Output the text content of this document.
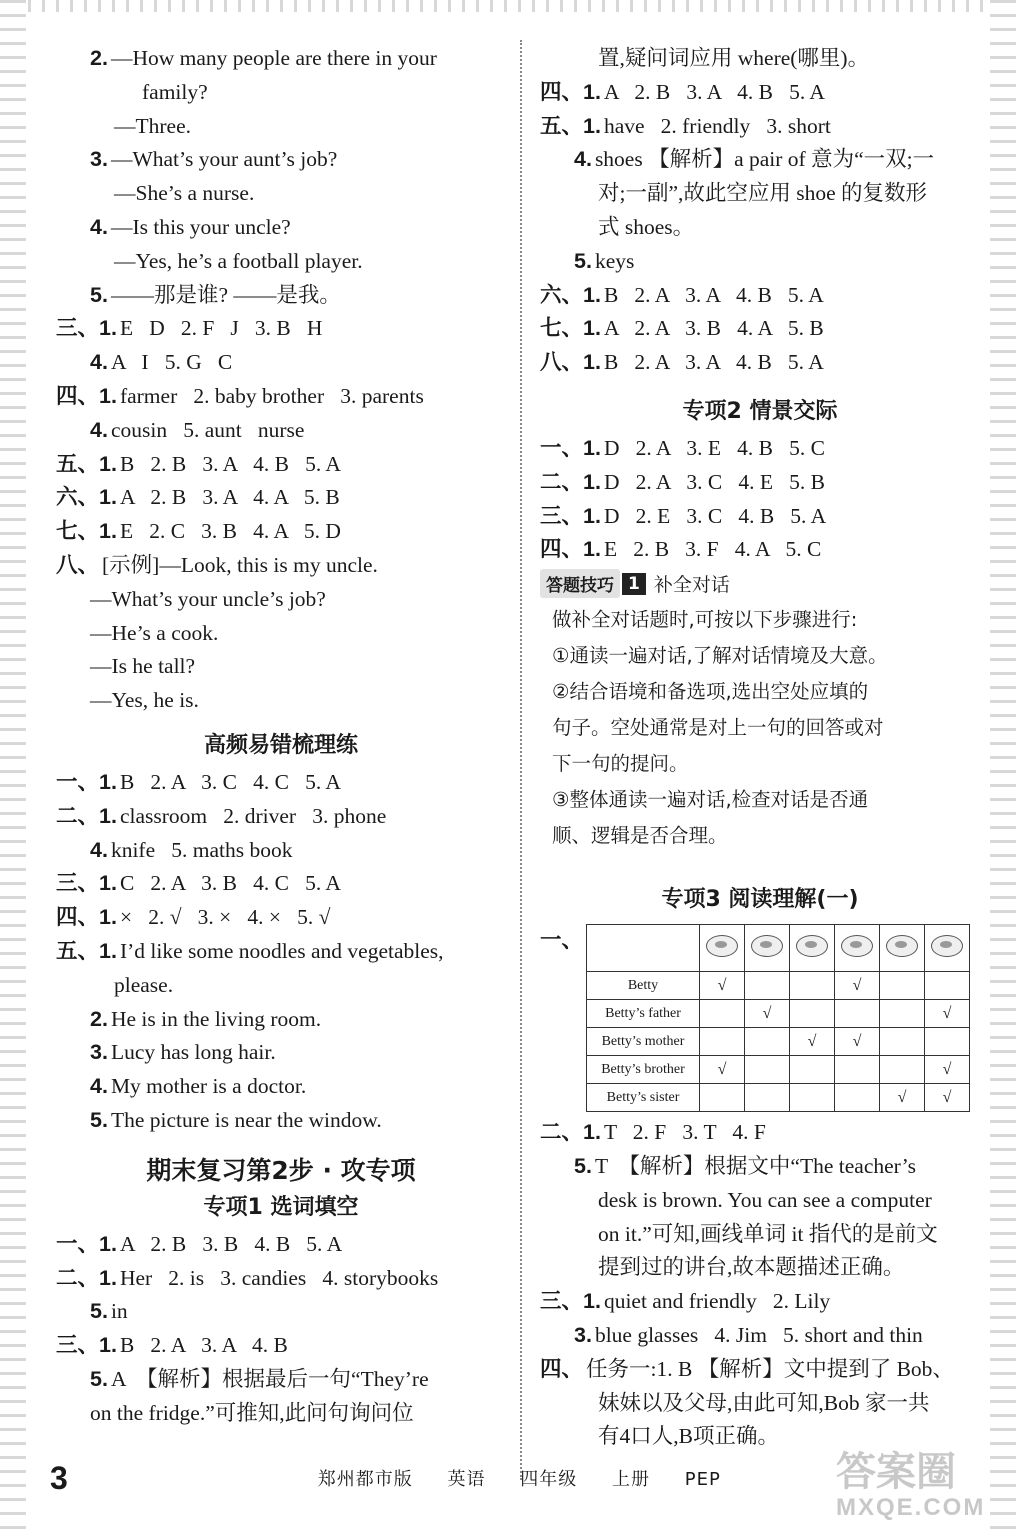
2. —How many people are there in your
family?
—Three.
3. —What’s your aunt’s job?
—She’s a nurse.
4. —Is this your uncle?
—Yes, he’s a football player.
5. ——那是谁? ——是我。
三、1. E   D   2. F   J   3. B   H
4. A   I   5. G   C
四、1. farmer   2. baby brother   3. parents
4. cousin   5. aunt   nurse
五、1. B   2. B   3. A   4. B   5. A
六、1. A   2. B   3. A   4. A   5. B
七、1. E   2. C   3. B   4. A   5. D
八、 [示例]—Look, this is my uncle.
—What’s your uncle’s job?
—He’s a cook.
—Is he tall?
—Yes, he is.
高频易错梳理练
一、1. B   2. A   3. C   4. C   5. A
二、1. classroom   2. driver   3. phone
4. knife   5. maths book
三、1. C   2. A   3. B   4. C   5. A
四、1. ×   2. √   3. ×   4. ×   5. √
五、1. I’d like some noodles and vegetables,
please.
2. He is in the living room.
3. Lucy has long hair.
4. My mother is a doctor.
5. The picture is near the window.
期末复习第2步 · 攻专项
专项1 选词填空
一、1. A   2. B   3. B   4. B   5. A
二、1. Her   2. is   3. candies   4. storybooks
5. in
三、1. B   2. A   3. A   4. B
5. A  【解析】根据最后一句“They’re
on the fridge.”可推知,此问句询问位
置,疑问词应用 where(哪里)。
四、1. A   2. B   3. A   4. B   5. A
五、1. have   2. friendly   3. short
4. shoes 【解析】a pair of 意为“一双;一
对;一副”,故此空应用 shoe 的复数形
式 shoes。
5. keys
六、1. B   2. A   3. A   4. B   5. A
七、1. A   2. A   3. B   4. A   5. B
八、1. B   2. A   3. A   4. B   5. A
专项2 情景交际
一、1. D   2. A   3. E   4. B   5. C
二、1. D   2. A   3. C   4. E   5. B
三、1. D   2. E   3. C   4. B   5. A
四、1. E   2. B   3. F   4. A   5. C
答题技巧 1 补全对话
做补全对话题时,可按以下步骤进行:
①通读一遍对话,了解对话情境及大意。
②结合语境和备选项,选出空处应填的
句子。空处通常是对上一句的回答或对
下一句的提问。
③整体通读一遍对话,检查对话是否通
顺、逻辑是否合理。
专项3 阅读理解(一)
一、

Betty	√			√		
Betty’s father		√				√
Betty’s mother			√	√		
Betty’s brother	√					√
Betty’s sister					√	√
二、1. T   2. F   3. T   4. F
5. T  【解析】根据文中“The teacher’s
desk is brown. You can see a computer
on it.”可知,画线单词 it 指代的是前文
提到过的讲台,故本题描述正确。
三、1. quiet and friendly   2. Lily
3. blue glasses   4. Jim   5. short and thin
四、 任务一:1. B 【解析】文中提到了 Bob、
妹妹以及父母,由此可知,Bob 家一共
有4口人,B项正确。
3	郑州都市版 英语 四年级 上册 PEP	答案圈
MXQE.COM
